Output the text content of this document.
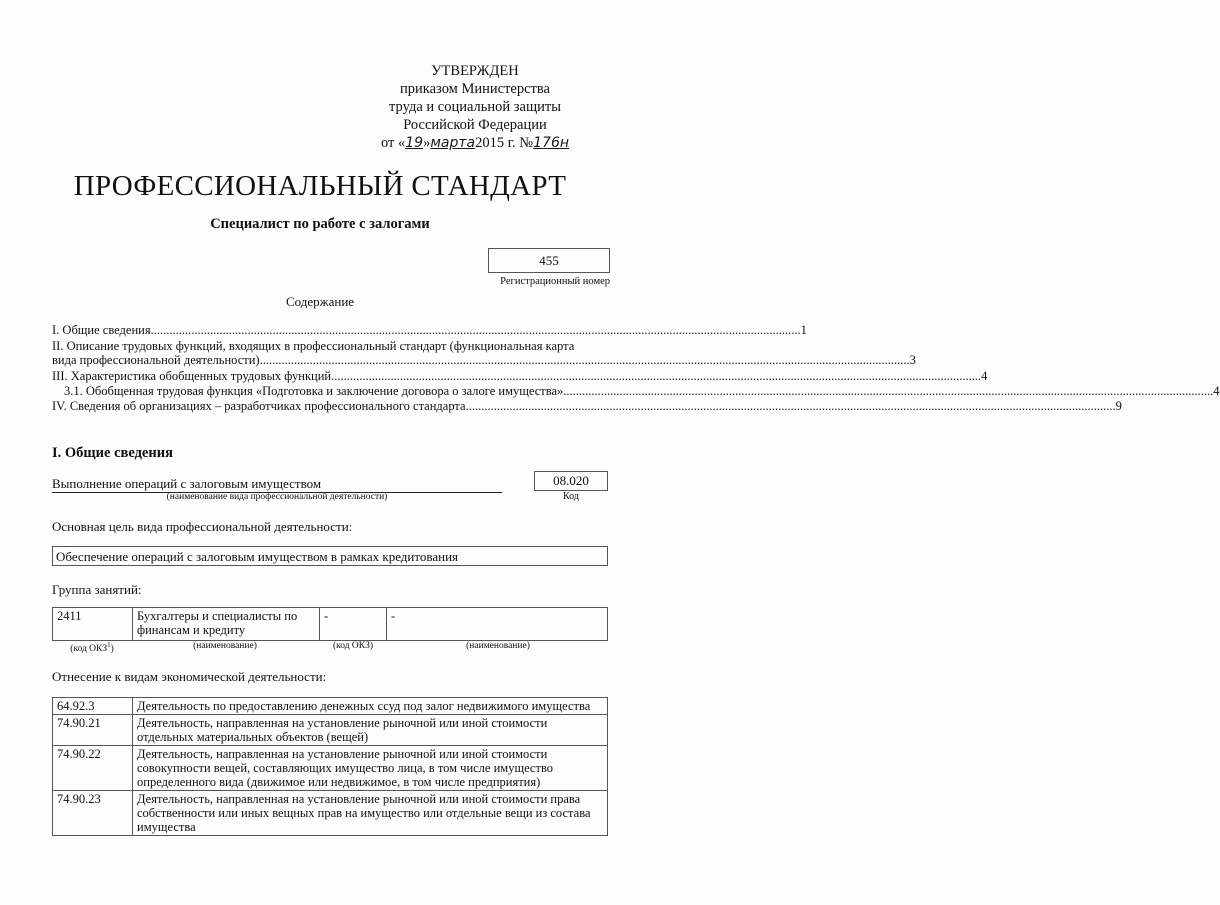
УТВЕРЖДЕН
приказом Министерства
труда и социальной защиты
Российской Федерации
от «19»марта2015 г. №176н
ПРОФЕССИОНАЛЬНЫЙ СТАНДАРТ
Специалист по работе с залогами
455
Регистрационный номер
Содержание
I. Общие сведения ................................................................................................................................................................................................................ 1
II. Описание трудовых функций, входящих в профессиональный стандарт (функциональная карта
вида профессиональной деятельности) ................................................................................................................................................................................................................ 3
III. Характеристика обобщенных трудовых функций ................................................................................................................................................................................................................ 4
3.1. Обобщенная трудовая функция «Подготовка и заключение договора о залоге имущества» ................................................................................................................................................................................................................ 4
IV. Сведения об организациях – разработчиках профессионального стандарта ................................................................................................................................................................................................................ 9
I. Общие сведения
Выполнение операций с залоговым имуществом
(наименование вида профессиональной деятельности)
08.020
Код
Основная цель вида профессиональной деятельности:
Обеспечение операций с залоговым имуществом в рамках кредитования
Группа занятий:
2411	Бухгалтеры и специалисты по финансам и кредиту	-	-
(код ОКЗ$^1$)	(наименование)	(код ОКЗ)	(наименование)
Отнесение к видам экономической деятельности:
64.92.3	Деятельность по предоставлению денежных ссуд под залог недвижимого имущества
74.90.21	Деятельность, направленная на установление рыночной или иной стоимости отдельных материальных объектов (вещей)
74.90.22	Деятельность, направленная на установление рыночной или иной стоимости совокупности вещей, составляющих имущество лица, в том числе имущество определенного вида (движимое или недвижимое, в том числе предприятия)
74.90.23	Деятельность, направленная на установление рыночной или иной стоимости права собственности или иных вещных прав на имущество или отдельные вещи из состава имущества
